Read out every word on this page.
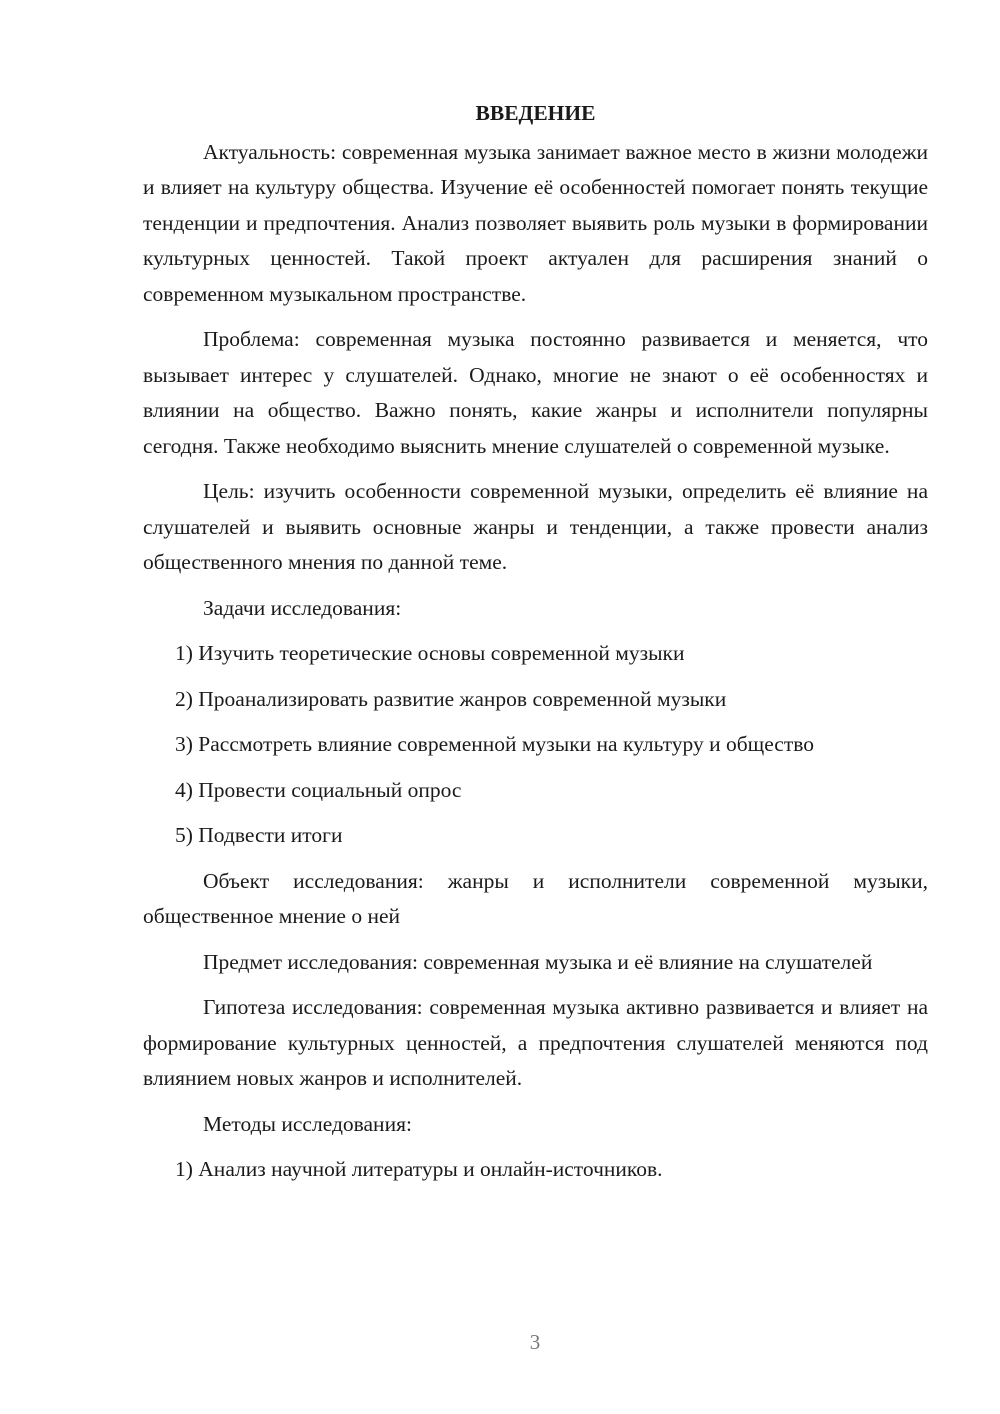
ВВЕДЕНИЕ

Актуальность: современная музыка занимает важное место в жизни молодежи и влияет на культуру общества. Изучение её особенностей помогает понять текущие тенденции и предпочтения. Анализ позволяет выявить роль музыки в формировании культурных ценностей. Такой проект актуален для расширения знаний о современном музыкальном пространстве.

Проблема: современная музыка постоянно развивается и меняется, что вызывает интерес у слушателей. Однако, многие не знают о её особенностях и влиянии на общество. Важно понять, какие жанры и исполнители популярны сегодня. Также необходимо выяснить мнение слушателей о современной музыке.

Цель: изучить особенности современной музыки, определить её влияние на слушателей и выявить основные жанры и тенденции, а также провести анализ общественного мнения по данной теме.

Задачи исследования:

1) Изучить теоретические основы современной музыки

2) Проанализировать развитие жанров современной музыки

3) Рассмотреть влияние современной музыки на культуру и общество

4) Провести социальный опрос

5) Подвести итоги

Объект исследования: жанры и исполнители современной музыки, общественное мнение о ней

Предмет исследования: современная музыка и её влияние на слушателей

Гипотеза исследования: современная музыка активно развивается и влияет на формирование культурных ценностей, а предпочтения слушателей меняются под влиянием новых жанров и исполнителей.

Методы исследования:

1) Анализ научной литературы и онлайн-источников.

3
